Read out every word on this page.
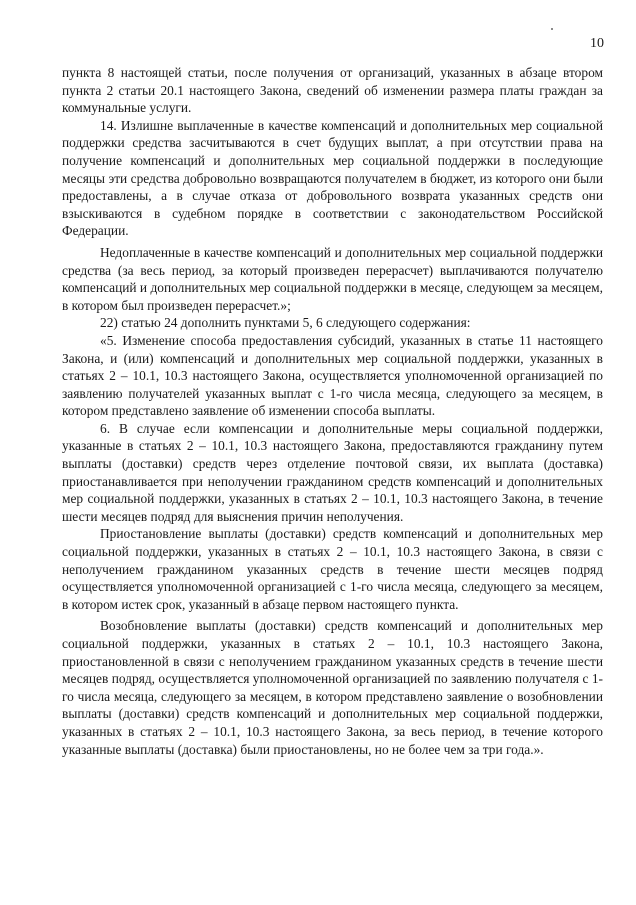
10

пункта 8 настоящей статьи, после получения от организаций, указанных в абзаце втором пункта 2 статьи 20.1 настоящего Закона, сведений об изменении размера платы граждан за коммунальные услуги.

14. Излишне выплаченные в качестве компенсаций и дополнительных мер социальной поддержки средства засчитываются в счет будущих выплат, а при отсутствии права на получение компенсаций и дополнительных мер социальной поддержки в последующие месяцы эти средства добровольно возвращаются получателем в бюджет, из которого они были предоставлены, а в случае отказа от добровольного возврата указанных средств они взыскиваются в судебном порядке в соответствии с законодательством Российской Федерации.

Недоплаченные в качестве компенсаций и дополнительных мер социальной поддержки средства (за весь период, за который произведен перерасчет) выплачиваются получателю компенсаций и дополнительных мер социальной поддержки в месяце, следующем за месяцем, в котором был произведен перерасчет.»;

22) статью 24 дополнить пунктами 5, 6 следующего содержания:

«5. Изменение способа предоставления субсидий, указанных в статье 11 настоящего Закона, и (или) компенсаций и дополнительных мер социальной поддержки, указанных в статьях 2 – 10.1, 10.3 настоящего Закона, осуществляется уполномоченной организацией по заявлению получателей указанных выплат с 1-го числа месяца, следующего за месяцем, в котором представлено заявление об изменении способа выплаты.

6. В случае если компенсации и дополнительные меры социальной поддержки, указанные в статьях 2 – 10.1, 10.3 настоящего Закона, предоставляются гражданину путем выплаты (доставки) средств через отделение почтовой связи, их выплата (доставка) приостанавливается при неполучении гражданином средств компенсаций и дополнительных мер социальной поддержки, указанных в статьях 2 – 10.1, 10.3 настоящего Закона, в течение шести месяцев подряд для выяснения причин неполучения.

Приостановление выплаты (доставки) средств компенсаций и дополнительных мер социальной поддержки, указанных в статьях 2 – 10.1, 10.3 настоящего Закона, в связи с неполучением гражданином указанных средств в течение шести месяцев подряд осуществляется уполномоченной организацией с 1-го числа месяца, следующего за месяцем, в котором истек срок, указанный в абзаце первом настоящего пункта.

Возобновление выплаты (доставки) средств компенсаций и дополнительных мер социальной поддержки, указанных в статьях 2 – 10.1, 10.3 настоящего Закона, приостановленной в связи с неполучением гражданином указанных средств в течение шести месяцев подряд, осуществляется уполномоченной организацией по заявлению получателя с 1-го числа месяца, следующего за месяцем, в котором представлено заявление о возобновлении выплаты (доставки) средств компенсаций и дополнительных мер социальной поддержки, указанных в статьях 2 – 10.1, 10.3 настоящего Закона, за весь период, в течение которого указанные выплаты (доставка) были приостановлены, но не более чем за три года.».
